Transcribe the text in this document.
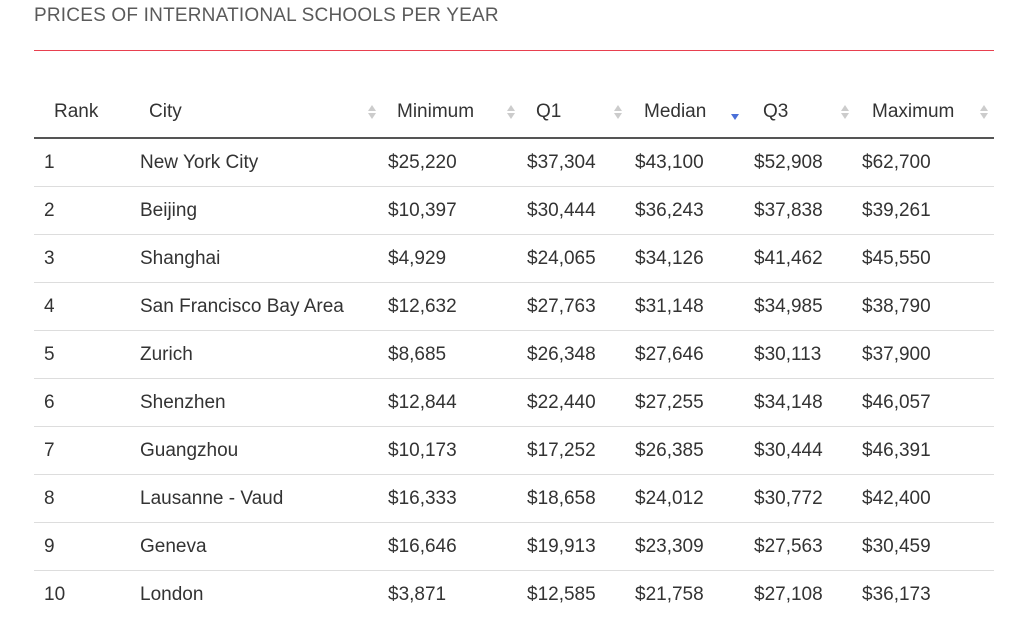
PRICES OF INTERNATIONAL SCHOOLS PER YEAR
Rank	City	Minimum	Q1	Median	Q3	Maximum

1	New York City	$25,220	$37,304	$43,100	$52,908	$62,700
2	Beijing	$10,397	$30,444	$36,243	$37,838	$39,261
3	Shanghai	$4,929	$24,065	$34,126	$41,462	$45,550
4	San Francisco Bay Area	$12,632	$27,763	$31,148	$34,985	$38,790
5	Zurich	$8,685	$26,348	$27,646	$30,113	$37,900
6	Shenzhen	$12,844	$22,440	$27,255	$34,148	$46,057
7	Guangzhou	$10,173	$17,252	$26,385	$30,444	$46,391
8	Lausanne - Vaud	$16,333	$18,658	$24,012	$30,772	$42,400
9	Geneva	$16,646	$19,913	$23,309	$27,563	$30,459
10	London	$3,871	$12,585	$21,758	$27,108	$36,173
